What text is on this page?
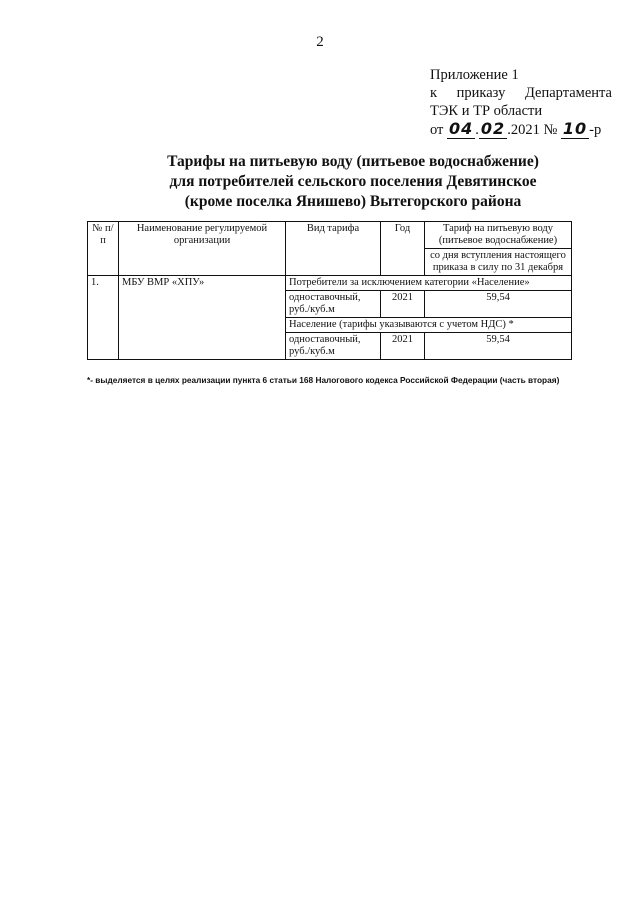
2
Приложение 1
к приказу Департамента
ТЭК и ТР области
от 04 . 02 .2021 № 10 -р
Тарифы на питьевую воду (питьевое водоснабжение)
для потребителей сельского поселения Девятинское
(кроме поселка Янишево) Вытегорского района
№ п/п	Наименование регулируемой организации	Вид тарифа	Год	Тариф на питьевую воду (питьевое водоснабжение)
				со дня вступления настоящего приказа в силу по 31 декабря
1.	МБУ ВМР «ХПУ»	Потребители за исключением категории «Население»		
		одноставочный, руб./куб.м	2021	59,54
		Население (тарифы указываются с учетом НДС) *		
		одноставочный, руб./куб.м	2021	59,54
*- выделяется в целях реализации пункта 6 статьи 168 Налогового кодекса Российской Федерации (часть вторая)
